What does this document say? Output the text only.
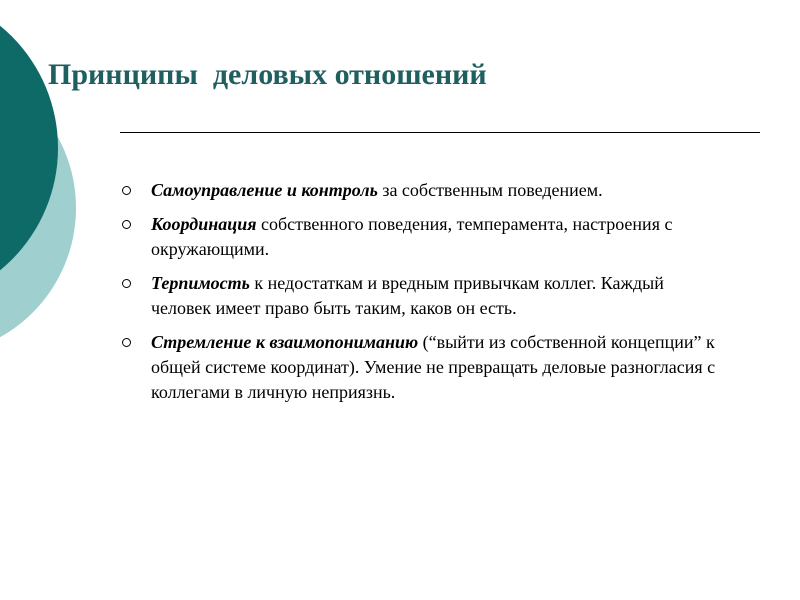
Принципы  деловых отношений
Самоуправление и контроль за собственным поведением.
Координация собственного поведения, темперамента, настроения с окружающими.
Терпимость к недостаткам и вредным привычкам коллег. Каждый человек имеет право быть таким, каков он есть.
Стремление к взаимопониманию (“выйти из собственной концепции” к общей системе координат). Умение не превращать деловые разногласия с коллегами в личную неприязнь.
